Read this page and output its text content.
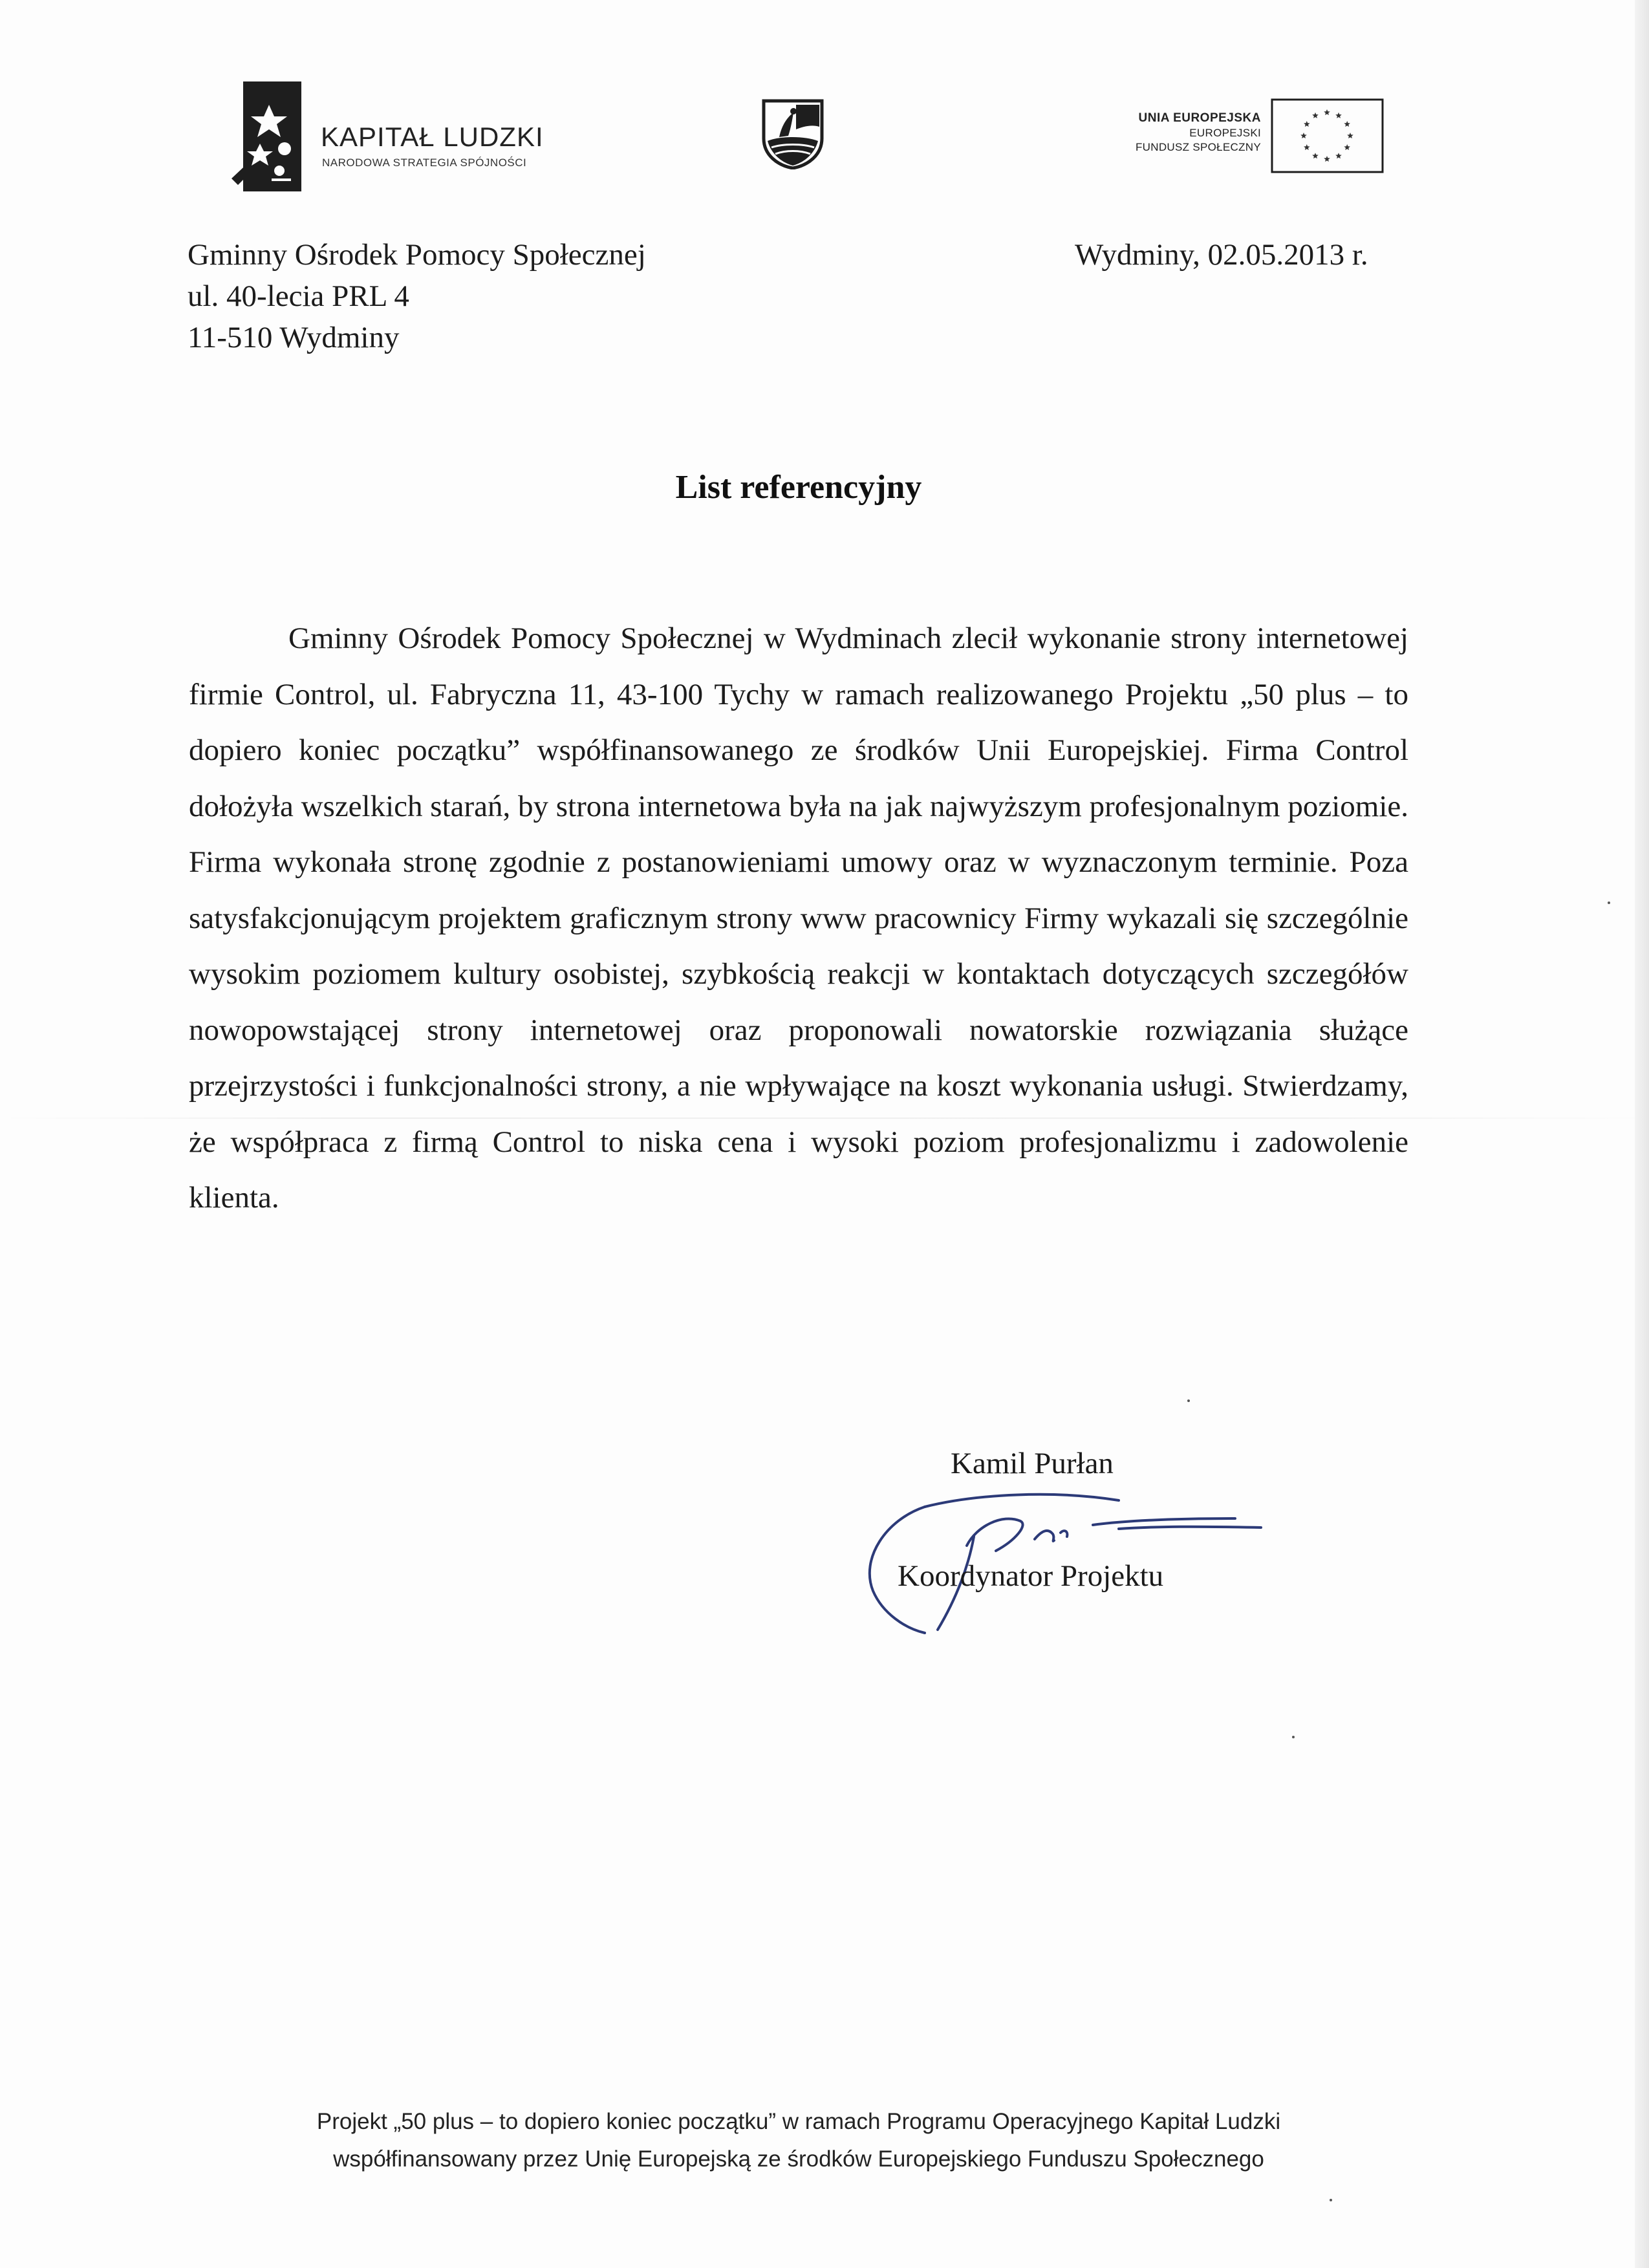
KAPITAŁ LUDZKI
NARODOWA STRATEGIA SPÓJNOŚCI
UNIA EUROPEJSKA
EUROPEJSKI
FUNDUSZ SPOŁECZNY
Gminny Ośrodek Pomocy Społecznej
ul. 40-lecia PRL 4
11-510 Wydminy
Wydminy, 02.05.2013 r.
List referencyjny
Gminny Ośrodek Pomocy Społecznej w Wydminach zlecił wykonanie strony internetowej firmie Control, ul. Fabryczna 11, 43-100 Tychy w ramach realizowanego Projektu „50 plus – to dopiero koniec początku” współfinansowanego ze środków Unii Europejskiej. Firma Control dołożyła wszelkich starań, by strona internetowa była na jak najwyższym profesjonalnym poziomie. Firma wykonała stronę zgodnie z postanowieniami umowy oraz w wyznaczonym terminie. Poza satysfakcjonującym projektem graficznym strony www pracownicy Firmy wykazali się szczególnie wysokim poziomem kultury osobistej, szybkością reakcji w kontaktach dotyczących szczegółów nowopowstającej strony internetowej oraz proponowali nowatorskie rozwiązania służące przejrzystości i funkcjonalności strony, a nie wpływające na koszt wykonania usługi. Stwierdzamy, że współpraca z firmą Control to niska cena i wysoki poziom profesjonalizmu i zadowolenie klienta.
Kamil Purłan
Koordynator Projektu
Projekt „50 plus – to dopiero koniec początku” w ramach Programu Operacyjnego Kapitał Ludzki
współfinansowany przez Unię Europejską ze środków Europejskiego Funduszu Społecznego
